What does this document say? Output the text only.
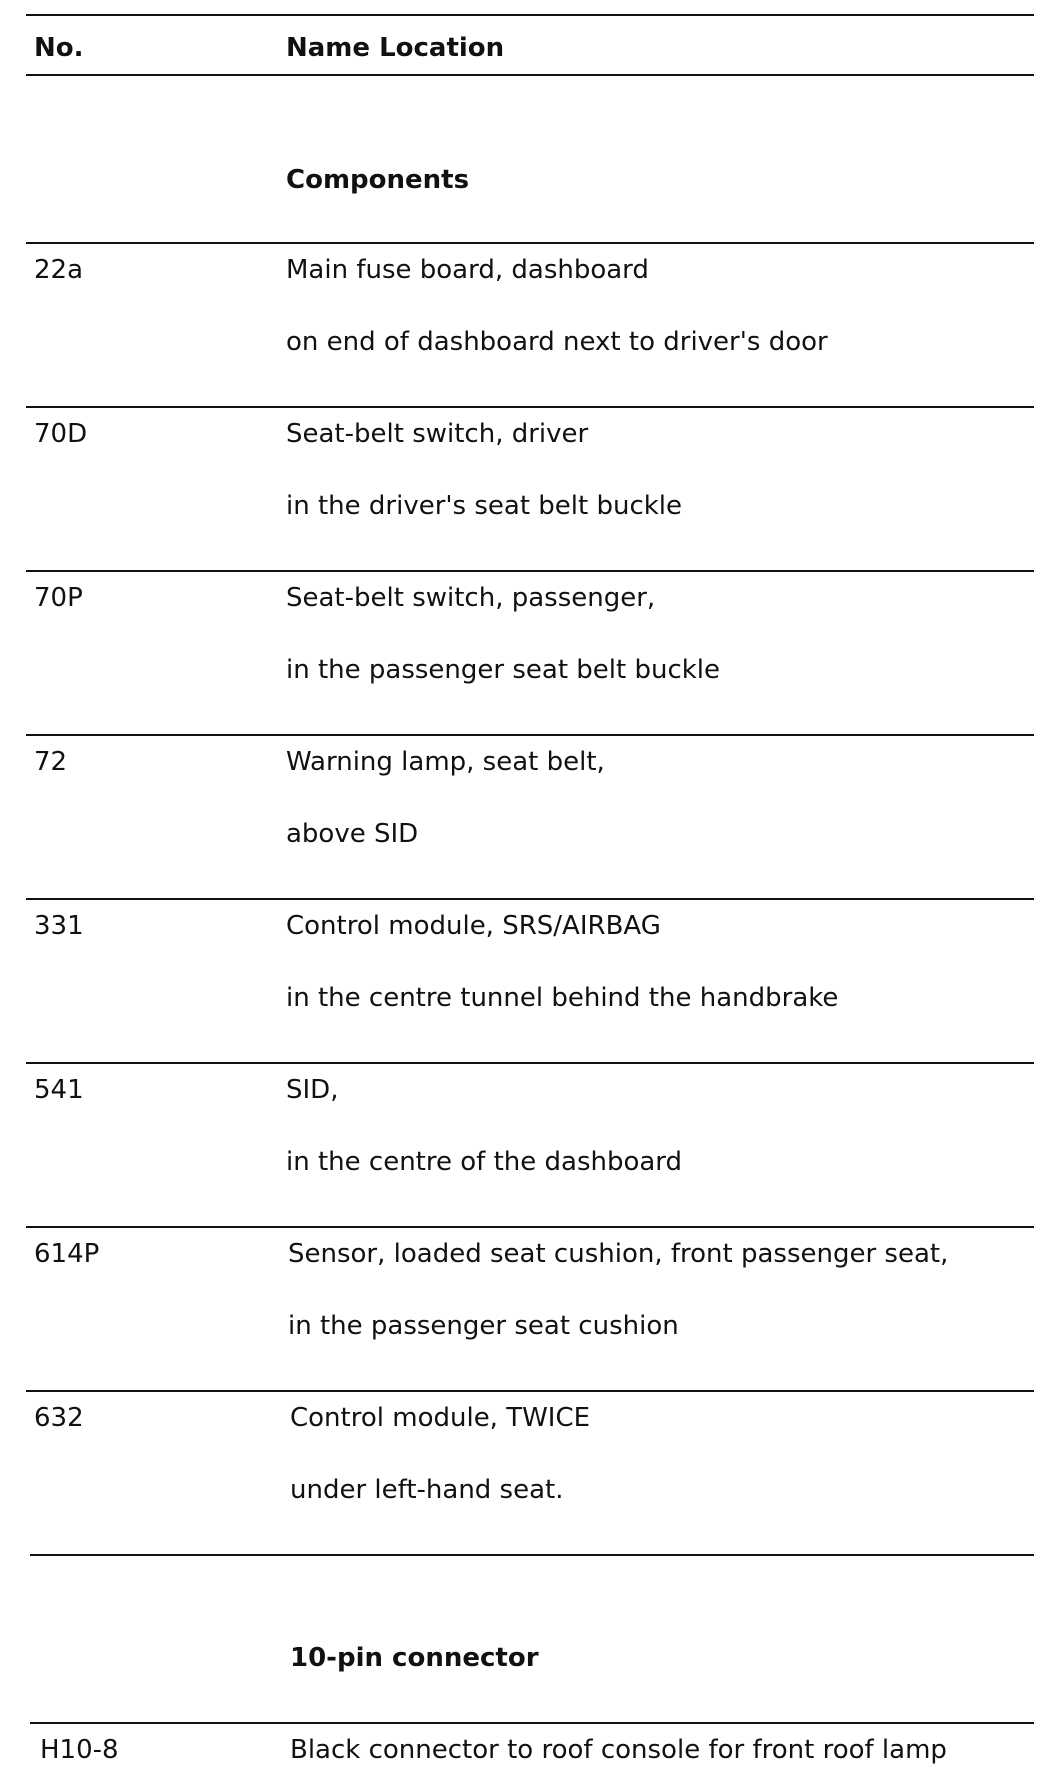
No.	Name Location
Components
22a	Main fuse board, dashboard
on end of dashboard next to driver's door
70D	Seat-belt switch, driver
in the driver's seat belt buckle
70P	Seat-belt switch, passenger,
in the passenger seat belt buckle
72	Warning lamp, seat belt,
above SID
331	Control module, SRS/AIRBAG
in the centre tunnel behind the handbrake
541	SID,
in the centre of the dashboard
614P	Sensor, loaded seat cushion, front passenger seat,
in the passenger seat cushion
632	Control module, TWICE
under left-hand seat.
10-pin connector
H10-8	Black connector to roof console for front roof lamp
